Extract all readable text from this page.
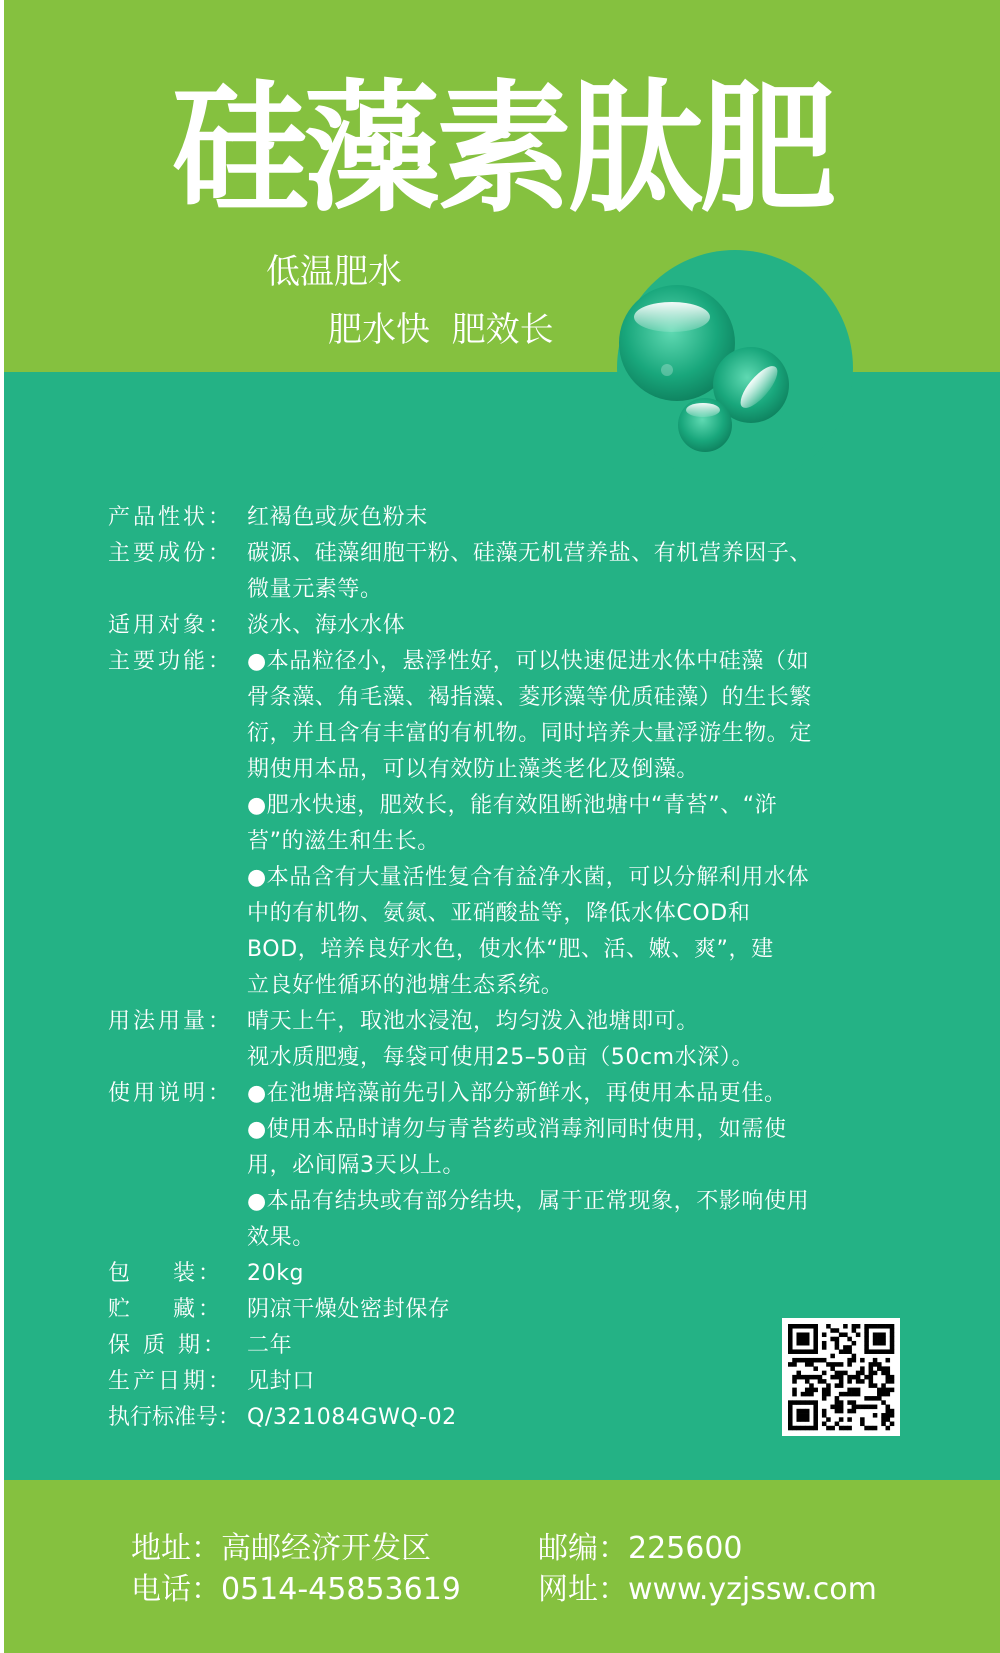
硅藻素肽肥
低温肥水
肥水快  肥效长
产品性状： 红褐色或灰色粉末
主要成份： 碳源、硅藻细胞干粉、硅藻无机营养盐、有机营养因子、
微量元素等。
适用对象： 淡水、海水水体
主要功能： ●本品粒径小，悬浮性好，可以快速促进水体中硅藻（如
骨条藻、角毛藻、褐指藻、菱形藻等优质硅藻）的生长繁
衍，并且含有丰富的有机物。同时培养大量浮游生物。定
期使用本品，可以有效防止藻类老化及倒藻。
●肥水快速，肥效长，能有效阻断池塘中“青苔”、“浒
苔”的滋生和生长。
●本品含有大量活性复合有益净水菌，可以分解利用水体
中的有机物、氨氮、亚硝酸盐等，降低水体COD和
BOD，培养良好水色，使水体“肥、活、嫩、爽”，建
立良好性循环的池塘生态系统。
用法用量： 晴天上午，取池水浸泡，均匀泼入池塘即可。
视水质肥瘦，每袋可使用25–50亩（50cm水深）。
使用说明： ●在池塘培藻前先引入部分新鲜水，再使用本品更佳。
●使用本品时请勿与青苔药或消毒剂同时使用，如需使
用，必间隔3天以上。
●本品有结块或有部分结块，属于正常现象，不影响使用
效果。
包    装：	20kg
贮    藏：	阴凉干燥处密封保存
保 质 期： 二年
生产日期： 见封口
执行标准号： Q/321084GWQ-02
地址：高邮经济开发区	邮编：225600
电话：0514-45853619	网址：www.yzjssw.com
